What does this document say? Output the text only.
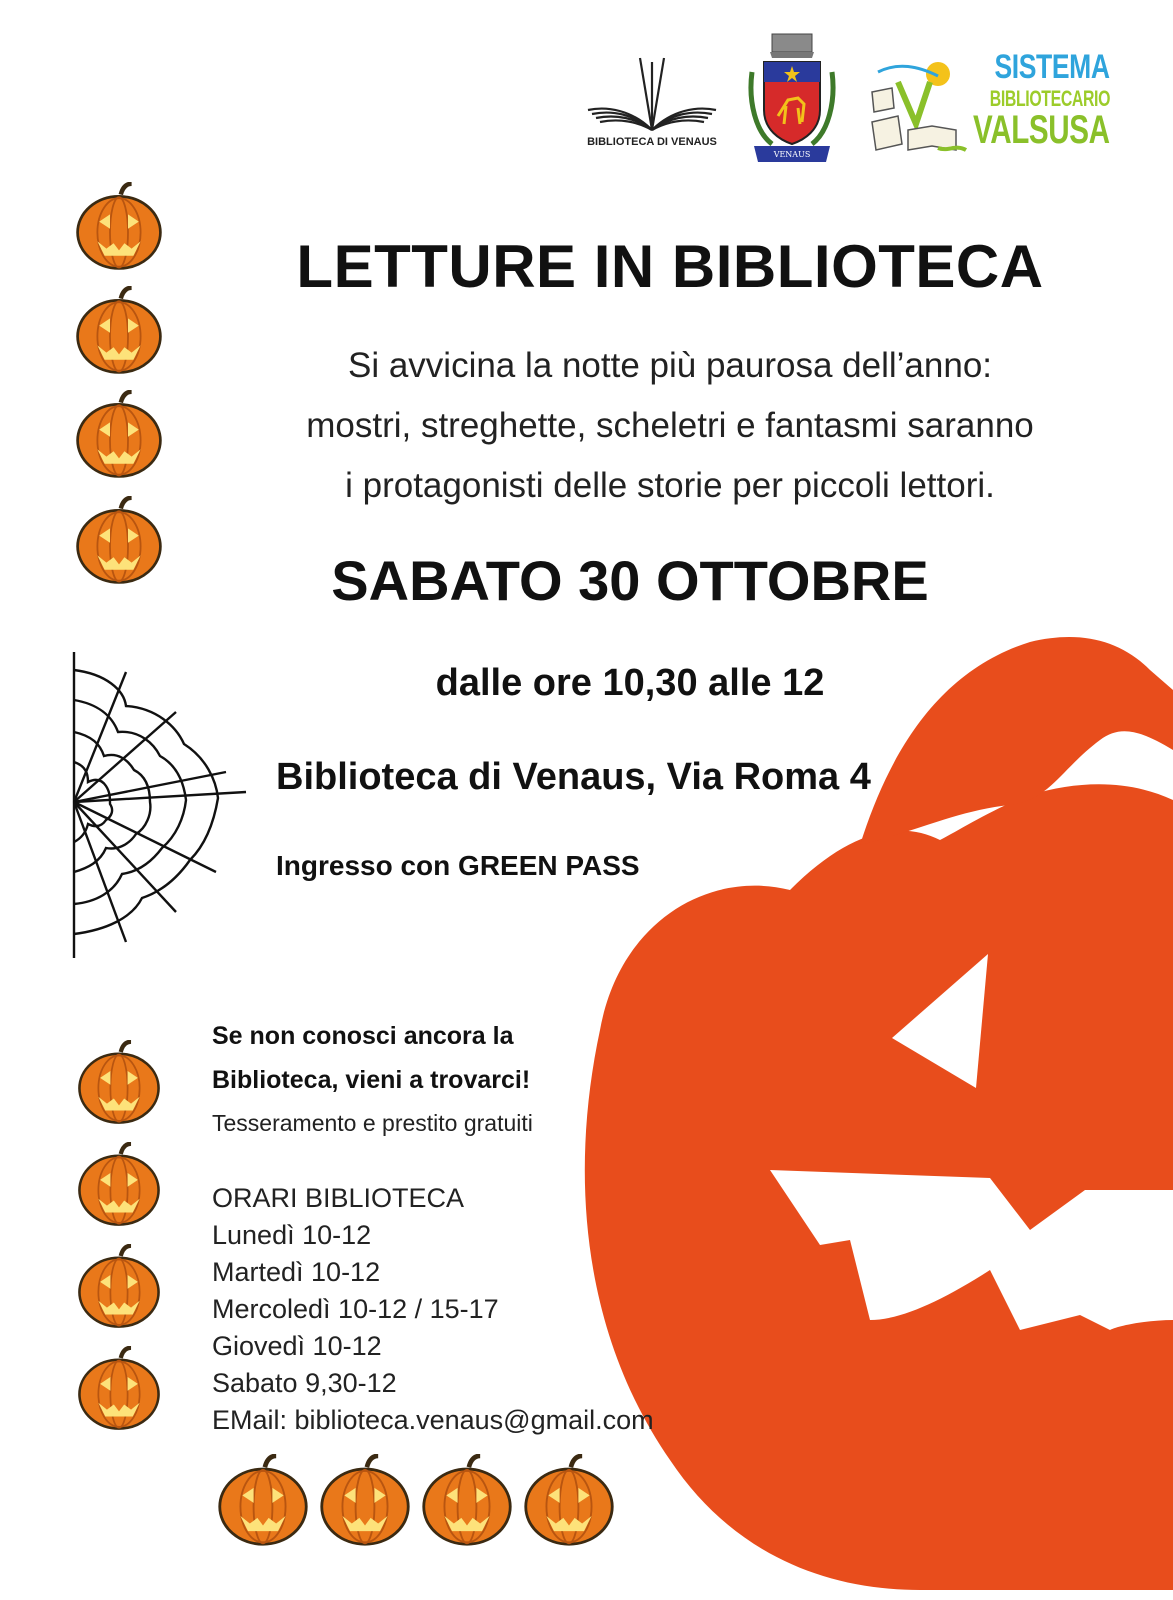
BIBLIOTECA DI VENAUS
VENAUS
SISTEMA
BIBLIOTECARIO
VALSUSA
LETTURE IN BIBLIOTECA
Si avvicina la notte più paurosa dell’anno:
mostri, streghette, scheletri e fantasmi saranno
i protagonisti delle storie per piccoli lettori.
SABATO 30 OTTOBRE
dalle ore 10,30 alle 12
Biblioteca di Venaus, Via Roma 4
Ingresso con GREEN PASS
Se non conosci ancora la
Biblioteca, vieni a trovarci!
Tesseramento e prestito gratuiti
ORARI BIBLIOTECA
Lunedì 10-12
Martedì 10-12
Mercoledì 10-12 / 15-17
Giovedì 10-12
Sabato 9,30-12
EMail: biblioteca.venaus@gmail.com
